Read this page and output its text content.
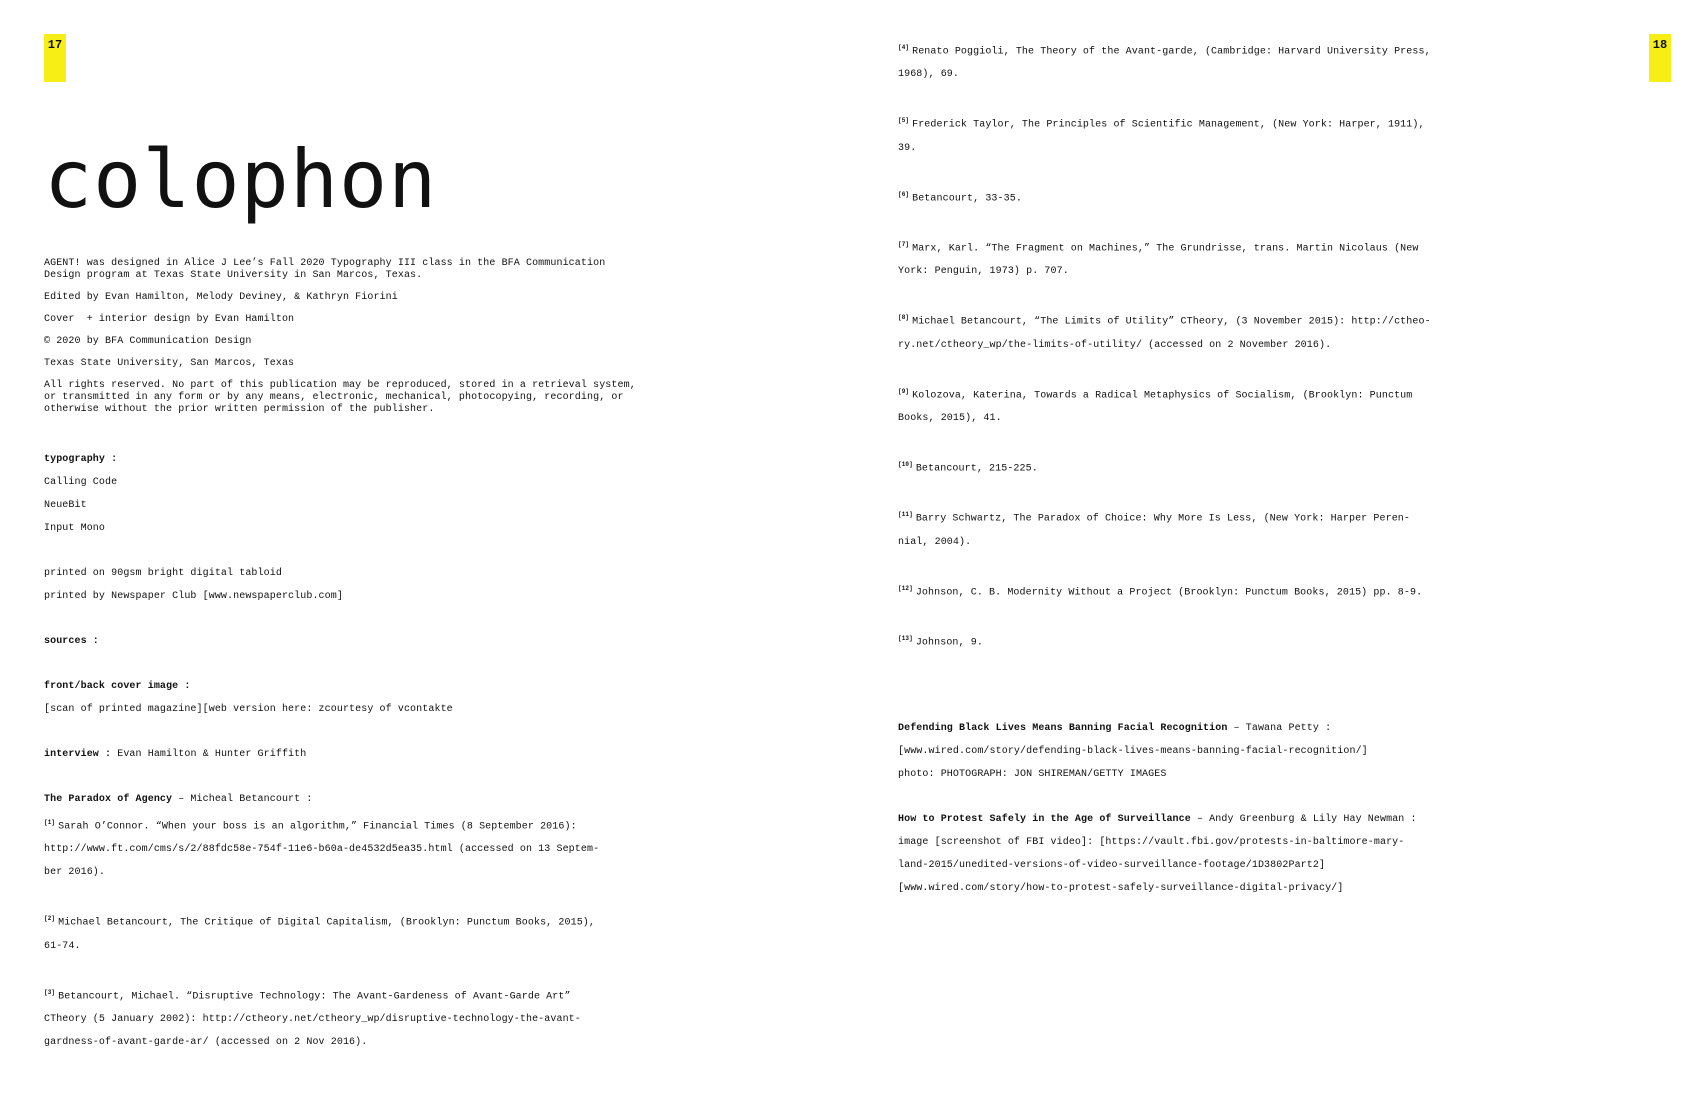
17	18
colophon
AGENT! was designed in Alice J Lee’s Fall 2020 Typography III class in the BFA Communication Design program at Texas State University in San Marcos, Texas.
Edited by Evan Hamilton, Melody Deviney, & Kathryn Fiorini
Cover  + interior design by Evan Hamilton
© 2020 by BFA Communication Design
Texas State University, San Marcos, Texas
All rights reserved. No part of this publication may be reproduced, stored in a retrieval system, or transmitted in any form or by any means, electronic, mechanical, photocopying, recording, or otherwise without the prior written permission of the publisher.
typography :
Calling Code
NeueBit
Input Mono
printed on 90gsm bright digital tabloid
printed by Newspaper Club [www.newspaperclub.com]
sources :
front/back cover image :
[scan of printed magazine][web version here: zcourtesy of vcontakte
interview : Evan Hamilton & Hunter Griffith
The Paradox of Agency – Micheal Betancourt :
[1] Sarah O’Connor. “When your boss is an algorithm,” Financial Times (8 September 2016):
http://www.ft.com/cms/s/2/88fdc58e-754f-11e6-b60a-de4532d5ea35.html (accessed on 13 Septem-
ber 2016).
[2] Michael Betancourt, The Critique of Digital Capitalism, (Brooklyn: Punctum Books, 2015),
61-74.
[3] Betancourt, Michael. “Disruptive Technology: The Avant-Gardeness of Avant-Garde Art”
CTheory (5 January 2002): http://ctheory.net/ctheory_wp/disruptive-technology-the-avant-
gardness-of-avant-garde-ar/ (accessed on 2 Nov 2016).
[4] Renato Poggioli, The Theory of the Avant-garde, (Cambridge: Harvard University Press,
1968), 69.
[5] Frederick Taylor, The Principles of Scientific Management, (New York: Harper, 1911),
39.
[6] Betancourt, 33-35.
[7] Marx, Karl. “The Fragment on Machines,” The Grundrisse, trans. Martin Nicolaus (New
York: Penguin, 1973) p. 707.
[8] Michael Betancourt, “The Limits of Utility” CTheory, (3 November 2015): http://ctheo-
ry.net/ctheory_wp/the-limits-of-utility/ (accessed on 2 November 2016).
[9] Kolozova, Katerina, Towards a Radical Metaphysics of Socialism, (Brooklyn: Punctum
Books, 2015), 41.
[10] Betancourt, 215-225.
[11] Barry Schwartz, The Paradox of Choice: Why More Is Less, (New York: Harper Peren-
nial, 2004).
[12] Johnson, C. B. Modernity Without a Project (Brooklyn: Punctum Books, 2015) pp. 8-9.
[13] Johnson, 9.
Defending Black Lives Means Banning Facial Recognition – Tawana Petty :
[www.wired.com/story/defending-black-lives-means-banning-facial-recognition/]
photo: PHOTOGRAPH: JON SHIREMAN/GETTY IMAGES
How to Protest Safely in the Age of Surveillance – Andy Greenburg & Lily Hay Newman :
image [screenshot of FBI video]: [https://vault.fbi.gov/protests-in-baltimore-mary-
land-2015/unedited-versions-of-video-surveillance-footage/1D3802Part2]
[www.wired.com/story/how-to-protest-safely-surveillance-digital-privacy/]
